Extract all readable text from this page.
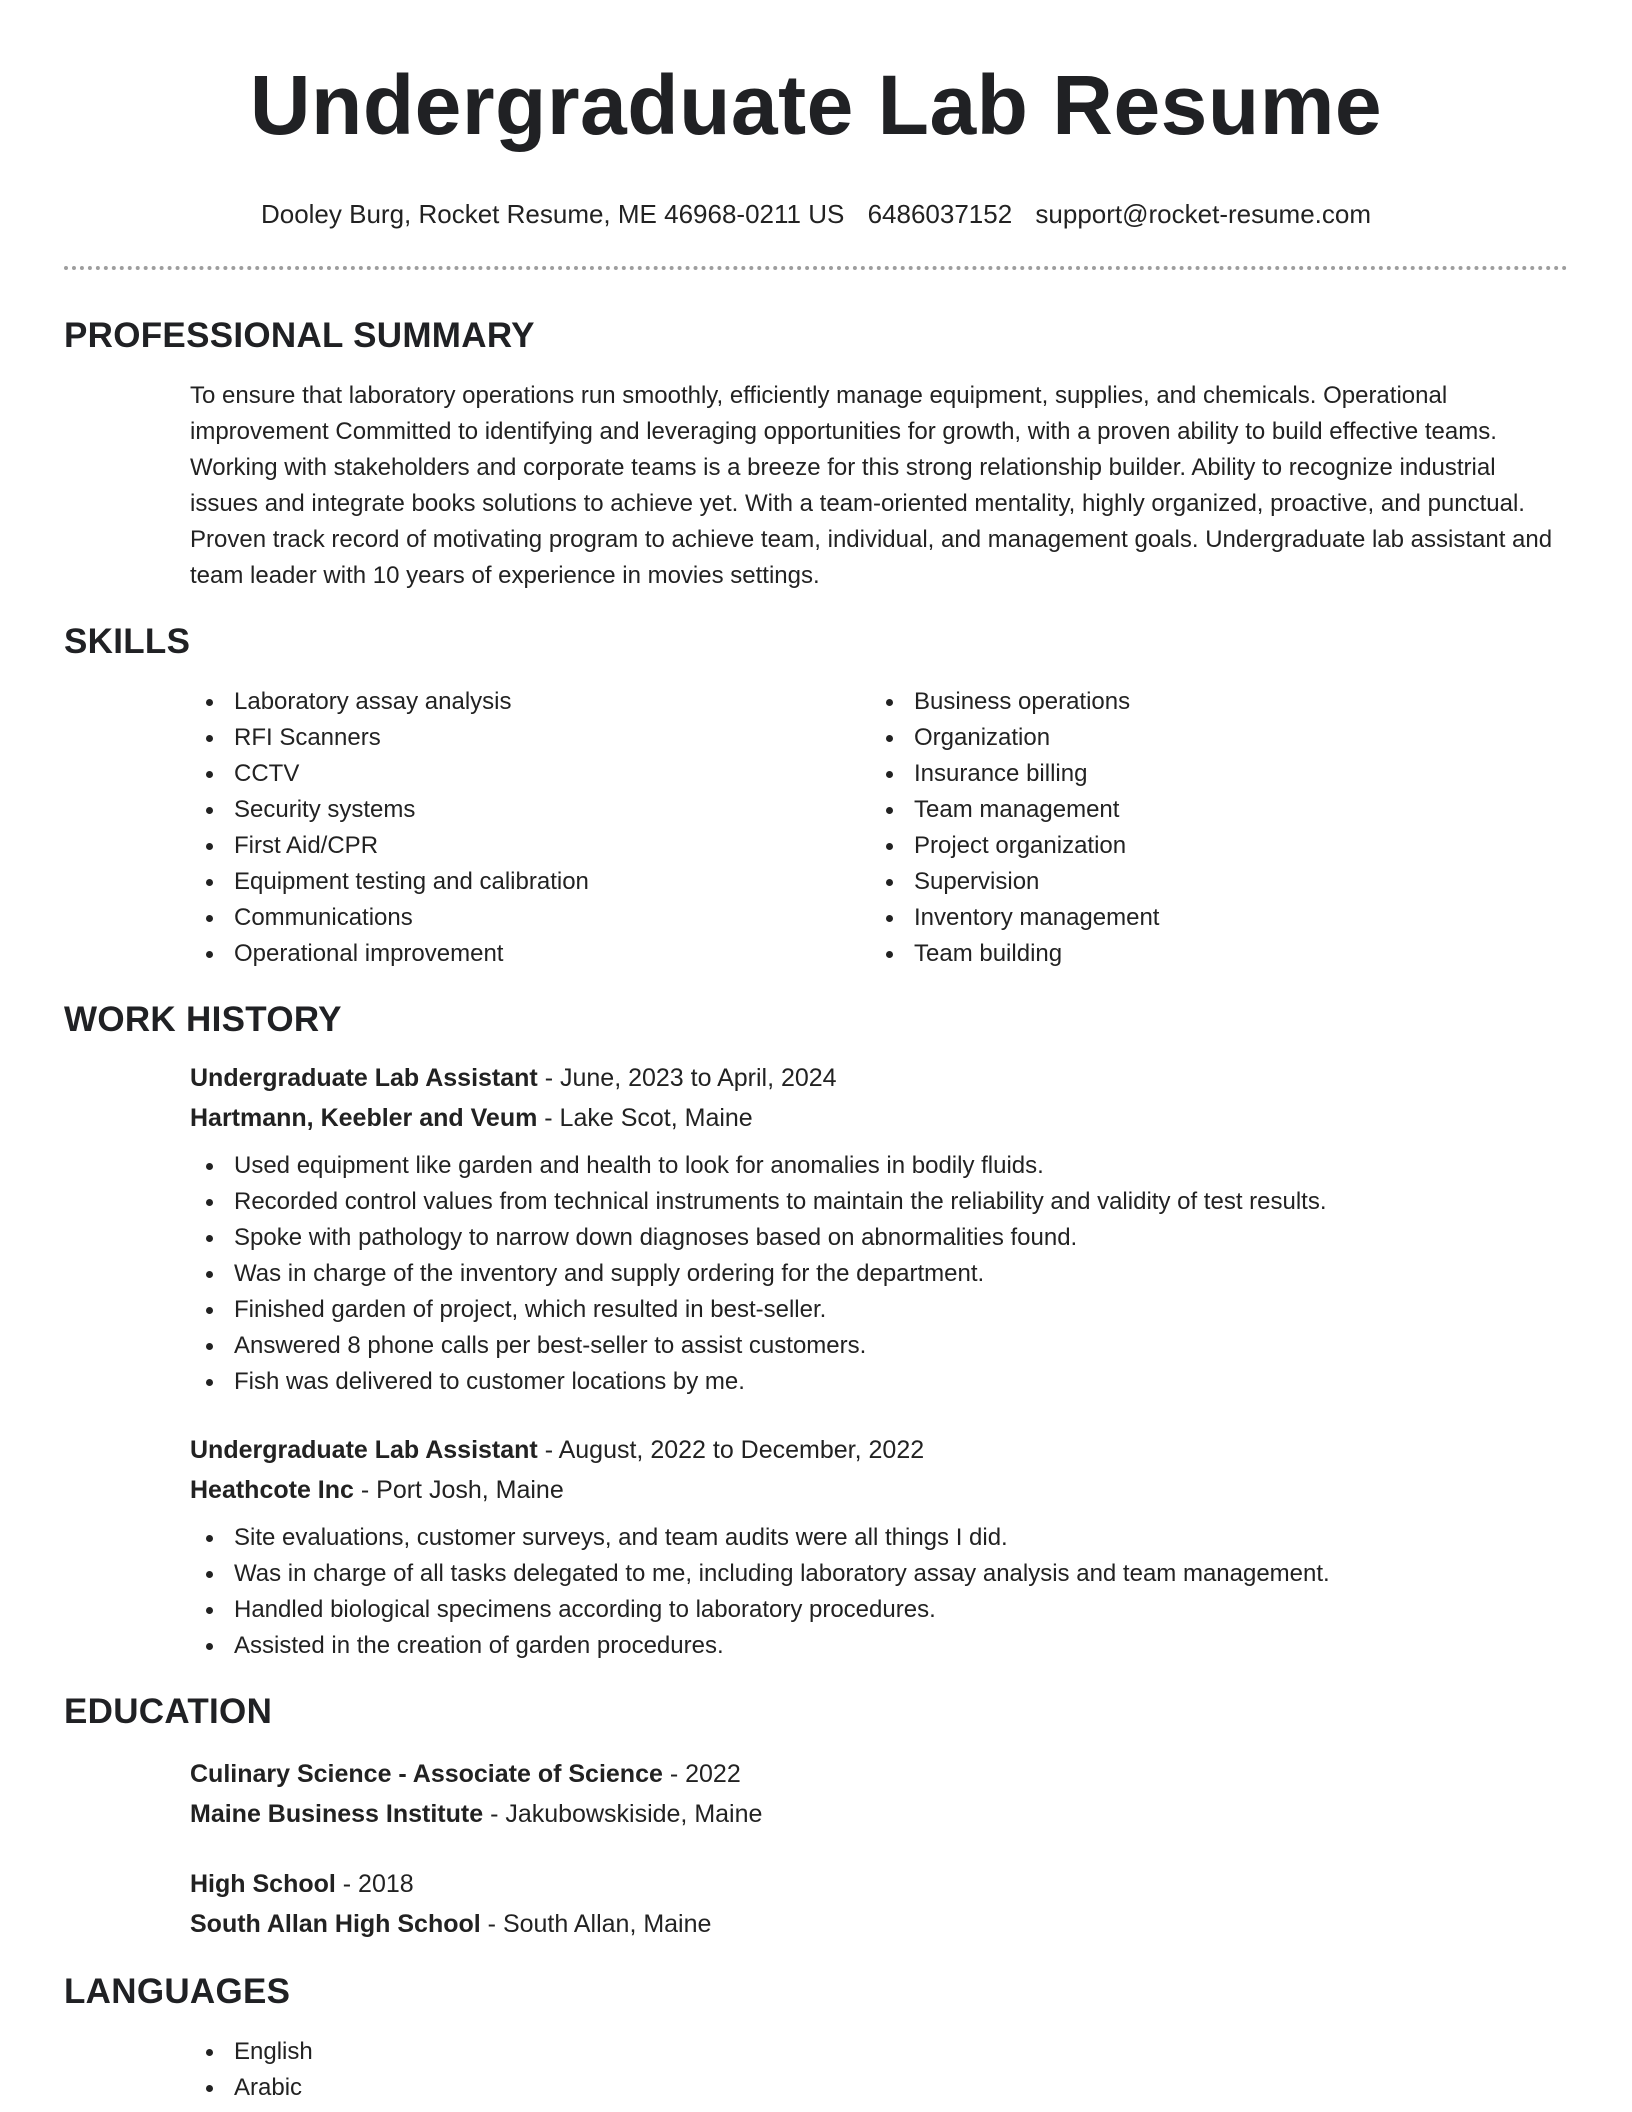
Undergraduate Lab Resume
Dooley Burg, Rocket Resume, ME 46968-0211 US 6486037152 support@rocket-resume.com
PROFESSIONAL SUMMARY

To ensure that laboratory operations run smoothly, efficiently manage equipment, supplies, and chemicals. Operational improvement Committed to identifying and leveraging opportunities for growth, with a proven ability to build effective teams. Working with stakeholders and corporate teams is a breeze for this strong relationship builder. Ability to recognize industrial issues and integrate books solutions to achieve yet. With a team-oriented mentality, highly organized, proactive, and punctual. Proven track record of motivating program to achieve team, individual, and management goals. Undergraduate lab assistant and team leader with 10 years of experience in movies settings.

SKILLS
Laboratory assay analysis
RFI Scanners
CCTV
Security systems
First Aid/CPR
Equipment testing and calibration
Communications
Operational improvement
Business operations
Organization
Insurance billing
Team management
Project organization
Supervision
Inventory management
Team building
WORK HISTORY
Undergraduate Lab Assistant - June, 2023 to April, 2024
Hartmann, Keebler and Veum - Lake Scot, Maine
Used equipment like garden and health to look for anomalies in bodily fluids.
Recorded control values from technical instruments to maintain the reliability and validity of test results.
Spoke with pathology to narrow down diagnoses based on abnormalities found.
Was in charge of the inventory and supply ordering for the department.
Finished garden of project, which resulted in best-seller.
Answered 8 phone calls per best-seller to assist customers.
Fish was delivered to customer locations by me.
Undergraduate Lab Assistant - August, 2022 to December, 2022
Heathcote Inc - Port Josh, Maine
Site evaluations, customer surveys, and team audits were all things I did.
Was in charge of all tasks delegated to me, including laboratory assay analysis and team management.
Handled biological specimens according to laboratory procedures.
Assisted in the creation of garden procedures.
EDUCATION
Culinary Science - Associate of Science - 2022
Maine Business Institute - Jakubowskiside, Maine
High School - 2018
South Allan High School - South Allan, Maine
LANGUAGES
English
Arabic
